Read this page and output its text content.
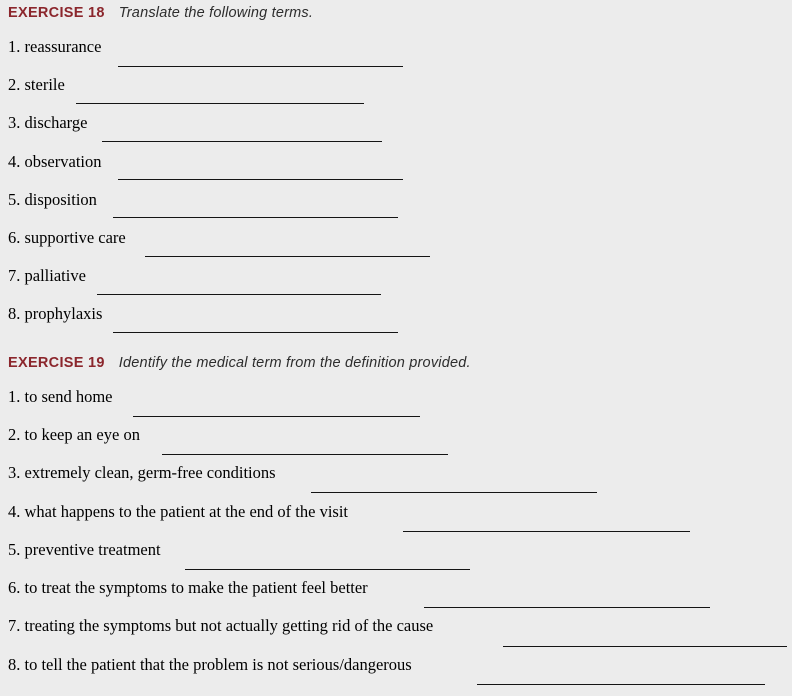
EXERCISE 18 Translate the following terms.
1. reassurance
2. sterile
3. discharge
4. observation
5. disposition
6. supportive care
7. palliative
8. prophylaxis
EXERCISE 19 Identify the medical term from the definition provided.
1. to send home
2. to keep an eye on
3. extremely clean, germ-free conditions
4. what happens to the patient at the end of the visit
5. preventive treatment
6. to treat the symptoms to make the patient feel better
7. treating the symptoms but not actually getting rid of the cause
8. to tell the patient that the problem is not serious/dangerous
